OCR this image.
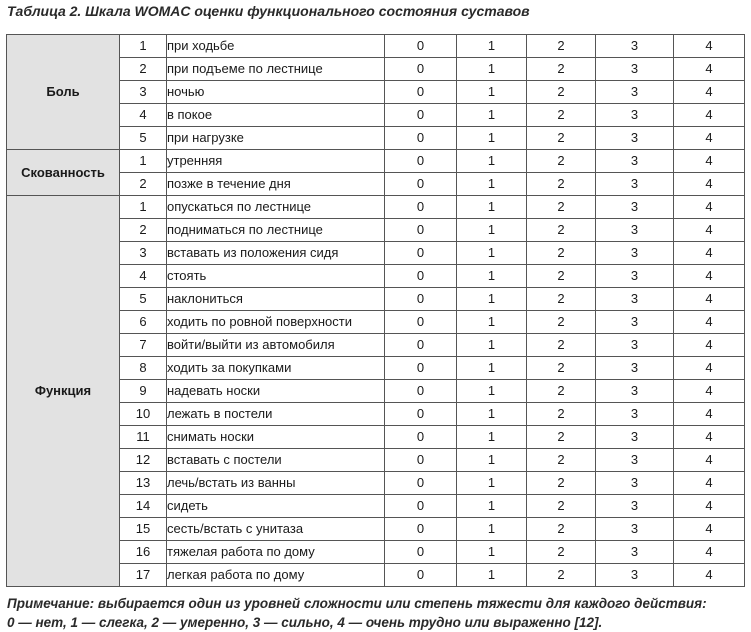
Таблица 2. Шкала WOMAC оценки функционального состояния суставов
Боль	1	при ходьбе	0	1	2	3	4
	2	при подъеме по лестнице	0	1	2	3	4
	3	ночью	0	1	2	3	4
	4	в покое	0	1	2	3	4
	5	при нагрузке	0	1	2	3	4
Скованность	1	утренняя	0	1	2	3	4
	2	позже в течение дня	0	1	2	3	4
Функция	1	опускаться по лестнице	0	1	2	3	4
	2	подниматься по лестнице	0	1	2	3	4
	3	вставать из положения сидя	0	1	2	3	4
	4	стоять	0	1	2	3	4
	5	наклониться	0	1	2	3	4
	6	ходить по ровной поверхности	0	1	2	3	4
	7	войти/выйти из автомобиля	0	1	2	3	4
	8	ходить за покупками	0	1	2	3	4
	9	надевать носки	0	1	2	3	4
	10	лежать в постели	0	1	2	3	4
	11	снимать носки	0	1	2	3	4
	12	вставать с постели	0	1	2	3	4
	13	лечь/встать из ванны	0	1	2	3	4
	14	сидеть	0	1	2	3	4
	15	сесть/встать с унитаза	0	1	2	3	4
	16	тяжелая работа по дому	0	1	2	3	4
	17	легкая работа по дому	0	1	2	3	4
Примечание: выбирается один из уровней сложности или степень тяжести для каждого действия:
0 — нет, 1 — слегка, 2 — умеренно, 3 — сильно, 4 — очень трудно или выраженно [12].
